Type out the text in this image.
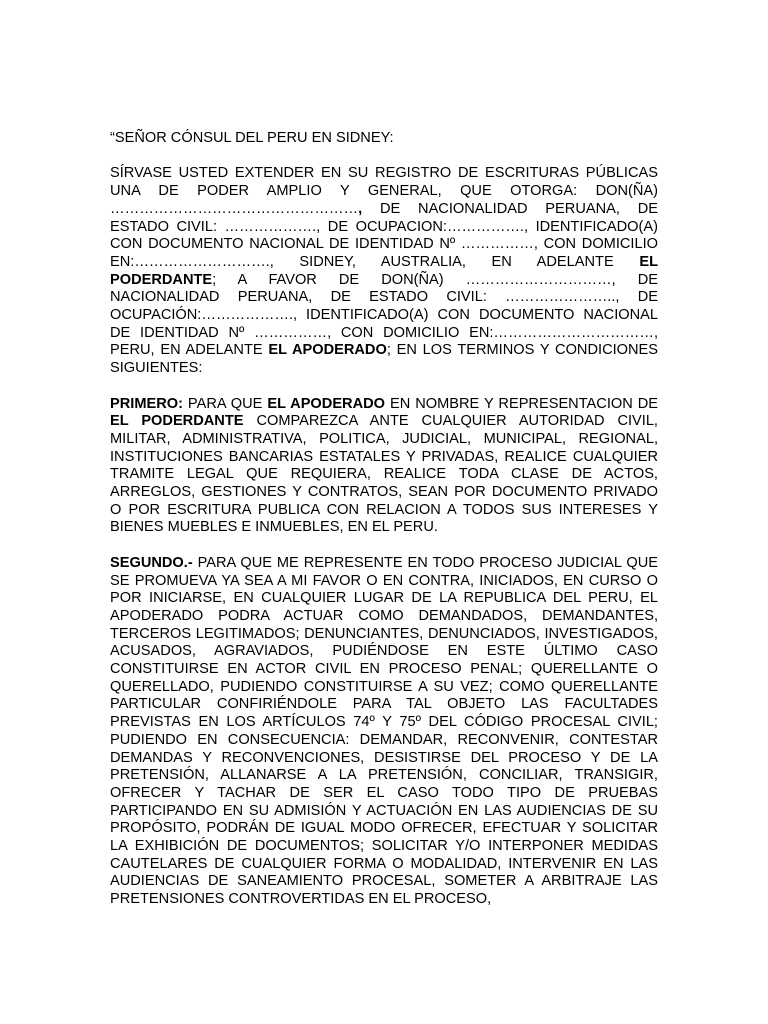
“SEÑOR CÓNSUL DEL PERU EN SIDNEY:

SÍRVASE USTED EXTENDER EN SU REGISTRO DE ESCRITURAS PÚBLICAS UNA DE PODER AMPLIO Y GENERAL, QUE OTORGA: DON(ÑA) ……………………………………………, DE NACIONALIDAD PERUANA, DE ESTADO CIVIL: ………………., DE OCUPACION:……………., IDENTIFICADO(A) CON DOCUMENTO NACIONAL DE IDENTIDAD Nº ……………, CON DOMICILIO EN:………………………., SIDNEY, AUSTRALIA, EN ADELANTE EL PODERDANTE; A FAVOR DE DON(ÑA) …………………………, DE NACIONALIDAD PERUANA, DE ESTADO CIVIL: ………………….., DE OCUPACIÓN:………………., IDENTIFICADO(A) CON DOCUMENTO NACIONAL DE IDENTIDAD Nº ……………, CON DOMICILIO EN:……………………………, PERU, EN ADELANTE EL APODERADO; EN LOS TERMINOS Y CONDICIONES SIGUIENTES:

PRIMERO: PARA QUE EL APODERADO EN NOMBRE Y REPRESENTACION DE EL PODERDANTE COMPAREZCA ANTE CUALQUIER AUTORIDAD CIVIL, MILITAR, ADMINISTRATIVA, POLITICA, JUDICIAL, MUNICIPAL, REGIONAL, INSTITUCIONES BANCARIAS ESTATALES Y PRIVADAS, REALICE CUALQUIER TRAMITE LEGAL QUE REQUIERA, REALICE TODA CLASE DE ACTOS, ARREGLOS, GESTIONES Y CONTRATOS, SEAN POR DOCUMENTO PRIVADO O POR ESCRITURA PUBLICA CON RELACION A TODOS SUS INTERESES Y BIENES MUEBLES E INMUEBLES, EN EL PERU.

SEGUNDO.- PARA QUE ME REPRESENTE EN TODO PROCESO JUDICIAL QUE SE PROMUEVA YA SEA A MI FAVOR O EN CONTRA, INICIADOS, EN CURSO O POR INICIARSE, EN CUALQUIER LUGAR DE LA REPUBLICA DEL PERU, EL APODERADO PODRA ACTUAR COMO DEMANDADOS, DEMANDANTES, TERCEROS LEGITIMADOS; DENUNCIANTES, DENUNCIADOS, INVESTIGADOS, ACUSADOS, AGRAVIADOS, PUDIÉNDOSE EN ESTE ÚLTIMO CASO CONSTITUIRSE EN ACTOR CIVIL EN PROCESO PENAL; QUERELLANTE O QUERELLADO, PUDIENDO CONSTITUIRSE A SU VEZ; COMO QUERELLANTE PARTICULAR CONFIRIÉNDOLE PARA TAL OBJETO LAS FACULTADES PREVISTAS EN LOS ARTÍCULOS 74º Y 75º DEL CÓDIGO PROCESAL CIVIL; PUDIENDO EN CONSECUENCIA: DEMANDAR, RECONVENIR, CONTESTAR DEMANDAS Y RECONVENCIONES, DESISTIRSE DEL PROCESO Y DE LA PRETENSIÓN, ALLANARSE A LA PRETENSIÓN, CONCILIAR, TRANSIGIR, OFRECER Y TACHAR DE SER EL CASO TODO TIPO DE PRUEBAS PARTICIPANDO EN SU ADMISIÓN Y ACTUACIÓN EN LAS AUDIENCIAS DE SU PROPÓSITO, PODRÁN DE IGUAL MODO OFRECER, EFECTUAR Y SOLICITAR LA EXHIBICIÓN DE DOCUMENTOS; SOLICITAR Y/O INTERPONER MEDIDAS CAUTELARES DE CUALQUIER FORMA O MODALIDAD, INTERVENIR EN LAS AUDIENCIAS DE SANEAMIENTO PROCESAL, SOMETER A ARBITRAJE LAS PRETENSIONES CONTROVERTIDAS EN EL PROCESO,
